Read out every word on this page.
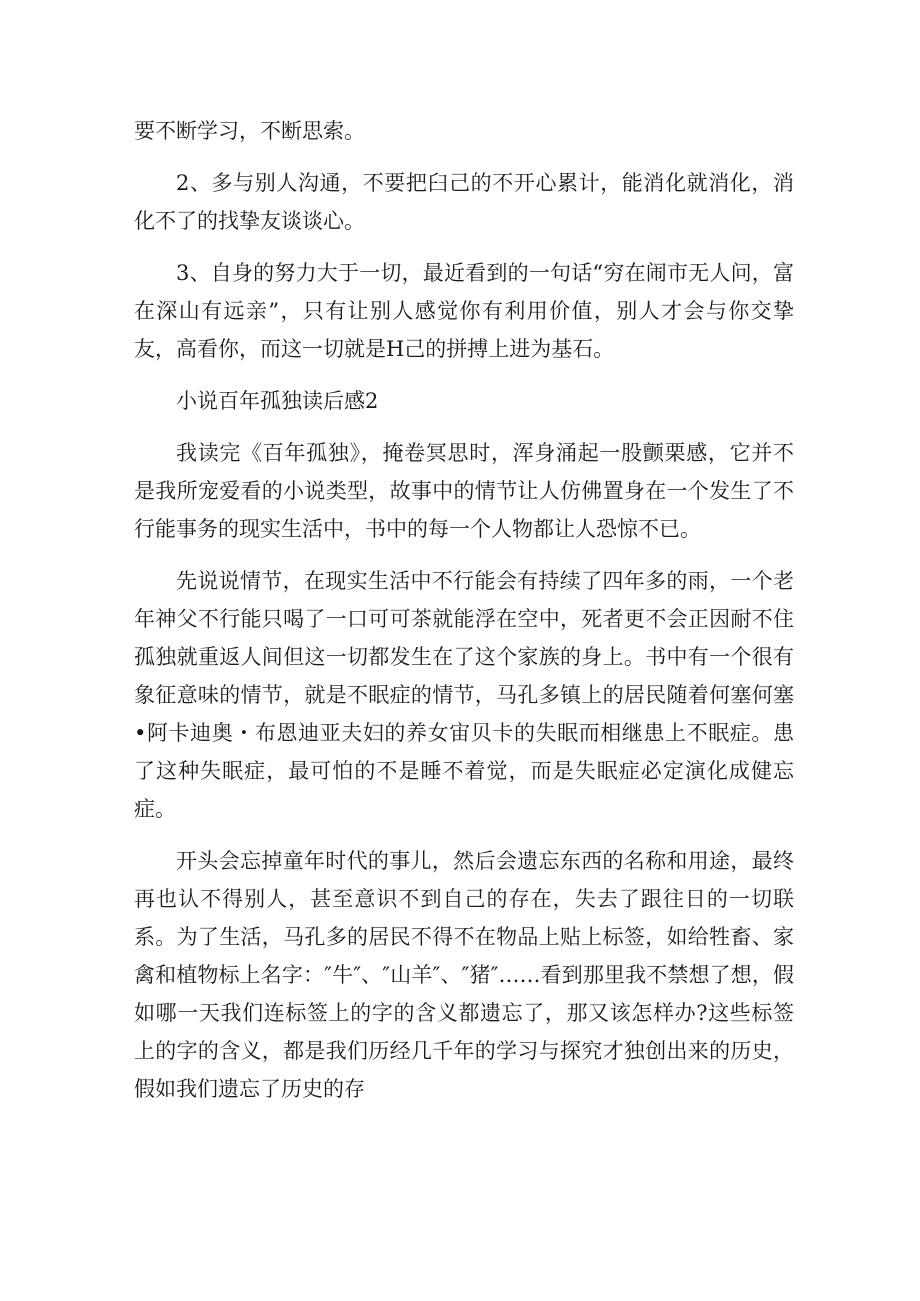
要不断学习，不断思索。

2、多与别人沟通，不要把臼己的不开心累计，能消化就消化，消化不了的找挚友谈谈心。

3、自身的努力大于一切，最近看到的一句话“穷在闹市无人问，富在深山有远亲”，只有让别人感觉你有利用价值，别人才会与你交挚友，高看你，而这一切就是H己的拼搏上进为基石。

小说百年孤独读后感2

我读完《百年孤独》，掩卷冥思时，浑身涌起一股颤栗感，它并不是我所宠爱看的小说类型，故事中的情节让人仿佛置身在一个发生了不行能事务的现实生活中，书中的每一个人物都让人恐惊不已。

先说说情节，在现实生活中不行能会有持续了四年多的雨，一个老年神父不行能只喝了一口可可茶就能浮在空中，死者更不会正因耐不住孤独就重返人间但这一切都发生在了这个家族的身上。书中有一个很有象征意味的情节，就是不眠症的情节，马孔多镇上的居民随着何塞何塞•阿卡迪奥・布恩迪亚夫妇的养女宙贝卡的失眠而相继患上不眠症。患了这种失眠症，最可怕的不是睡不着觉，而是失眠症必定演化成健忘症。

开头会忘掉童年时代的事儿，然后会遗忘东西的名称和用途，最终再也认不得别人，甚至意识不到自己的存在，失去了跟往日的一切联系。为了生活，马孔多的居民不得不在物品上贴上标签，如给牲畜、家禽和植物标上名字：″牛″、″山羊″、″猪″……看到那里我不禁想了想，假如哪一天我们连标签上的字的含义都遗忘了，那又该怎样办?这些标签上的字的含义，都是我们历经几千年的学习与探究才独创出来的历史，假如我们遗忘了历史的存
